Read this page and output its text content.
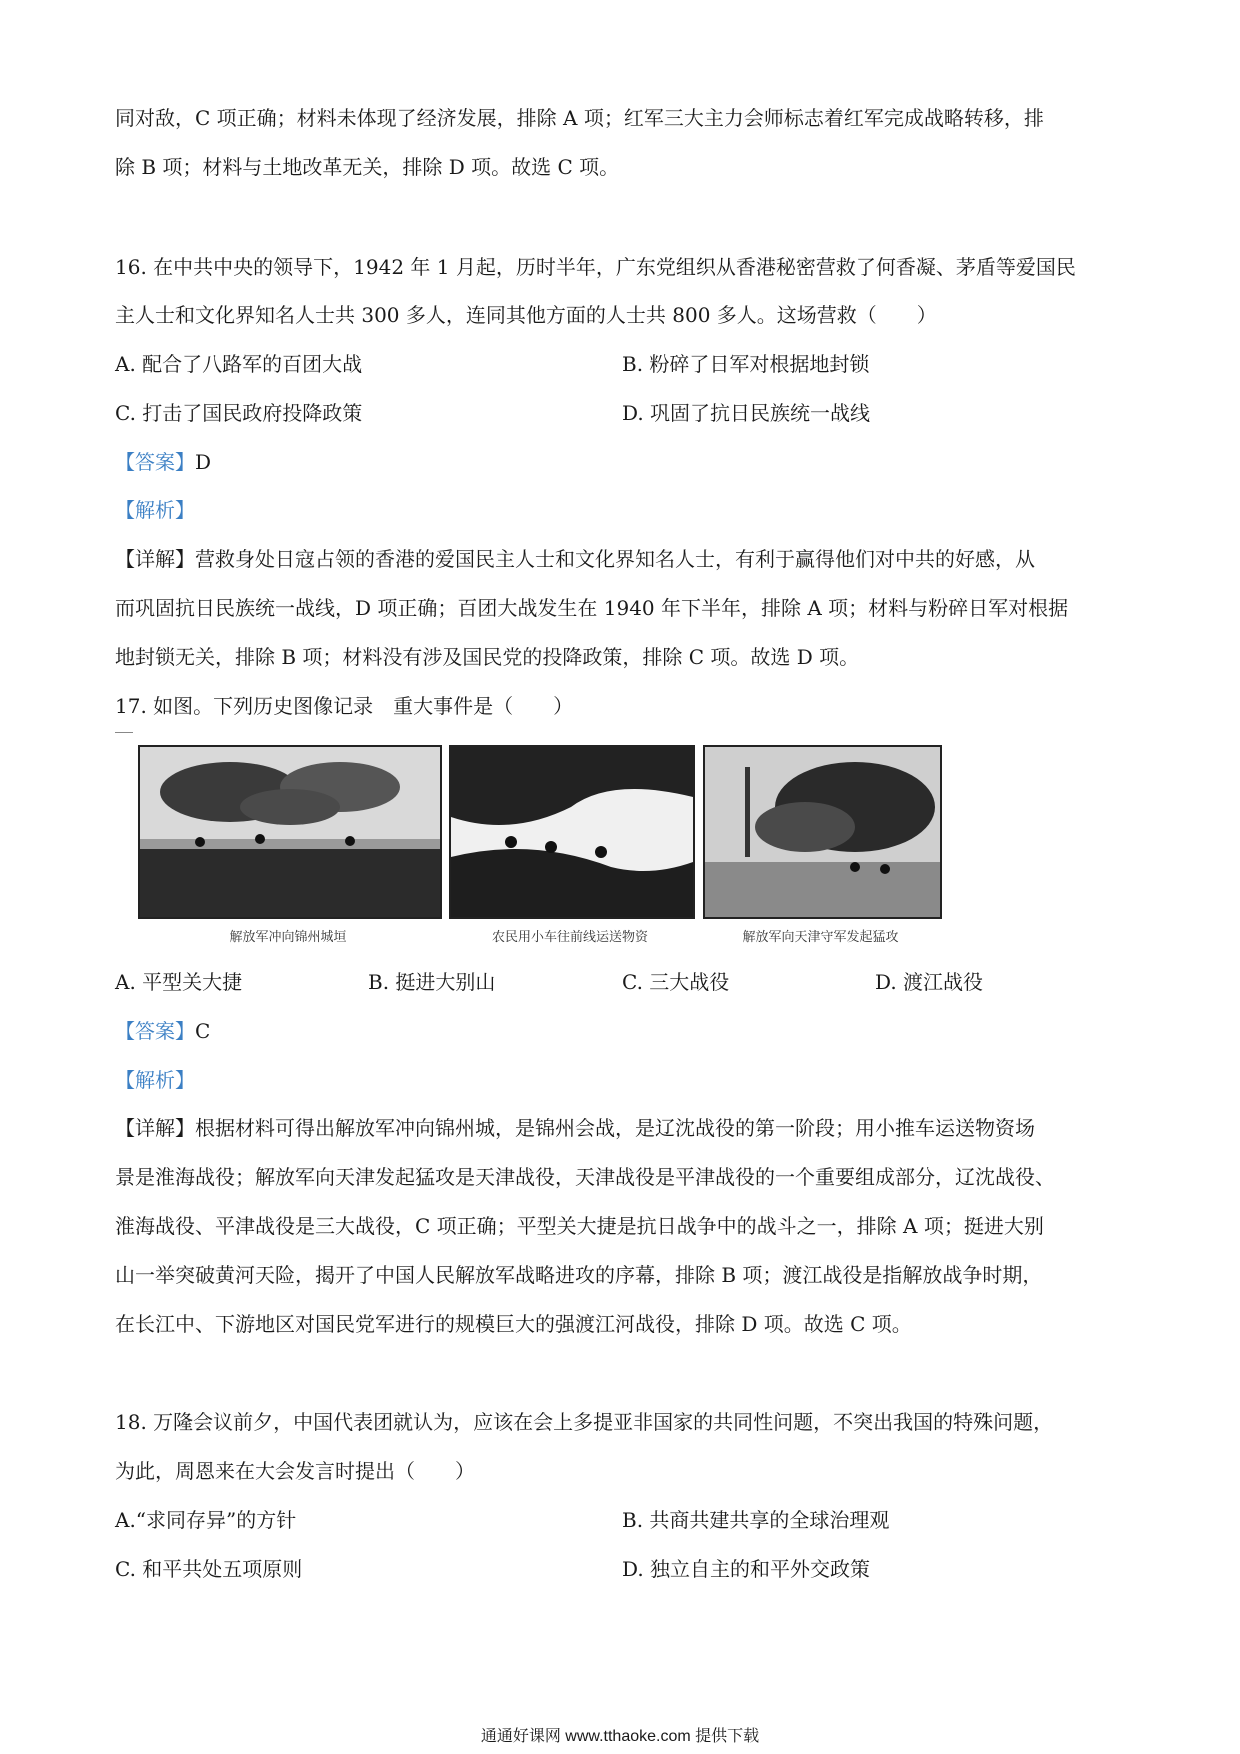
同对敌，C 项正确；材料未体现了经济发展，排除 A 项；红军三大主力会师标志着红军完成战略转移，排
除 B 项；材料与土地改革无关，排除 D 项。故选 C 项。
16. 在中共中央的领导下，1942 年 1 月起，历时半年，广东党组织从香港秘密营救了何香凝、茅盾等爱国民
主人士和文化界知名人士共 300 多人，连同其他方面的人士共 800 多人。这场营救（　　）
A. 配合了八路军的百团大战	B. 粉碎了日军对根据地封锁
C. 打击了国民政府投降政策	D. 巩固了抗日民族统一战线
【答案】D
【解析】
【详解】营救身处日寇占领的香港的爱国民主人士和文化界知名人士，有利于赢得他们对中共的好感，从
而巩固抗日民族统一战线，D 项正确；百团大战发生在 1940 年下半年，排除 A 项；材料与粉碎日军对根据
地封锁无关，排除 B 项；材料没有涉及国民党的投降政策，排除 C 项。故选 D 项。
17. 如图。下列历史图像记录　重大事件是（　　）
解放军冲向锦州城垣	农民用小车往前线运送物资	解放军向天津守军发起猛攻
A. 平型关大捷	B. 挺进大别山	C. 三大战役	D. 渡江战役
【答案】C
【解析】
【详解】根据材料可得出解放军冲向锦州城，是锦州会战，是辽沈战役的第一阶段；用小推车运送物资场
景是淮海战役；解放军向天津发起猛攻是天津战役，天津战役是平津战役的一个重要组成部分，辽沈战役、
淮海战役、平津战役是三大战役，C 项正确；平型关大捷是抗日战争中的战斗之一，排除 A 项；挺进大别
山一举突破黄河天险，揭开了中国人民解放军战略进攻的序幕，排除 B 项；渡江战役是指解放战争时期，
在长江中、下游地区对国民党军进行的规模巨大的强渡江河战役，排除 D 项。故选 C 项。
18. 万隆会议前夕，中国代表团就认为，应该在会上多提亚非国家的共同性问题，不突出我国的特殊问题，
为此，周恩来在大会发言时提出（　　）
A.“求同存异”的方针	B. 共商共建共享的全球治理观
C. 和平共处五项原则	D. 独立自主的和平外交政策
通通好课网 www.tthaoke.com 提供下载
